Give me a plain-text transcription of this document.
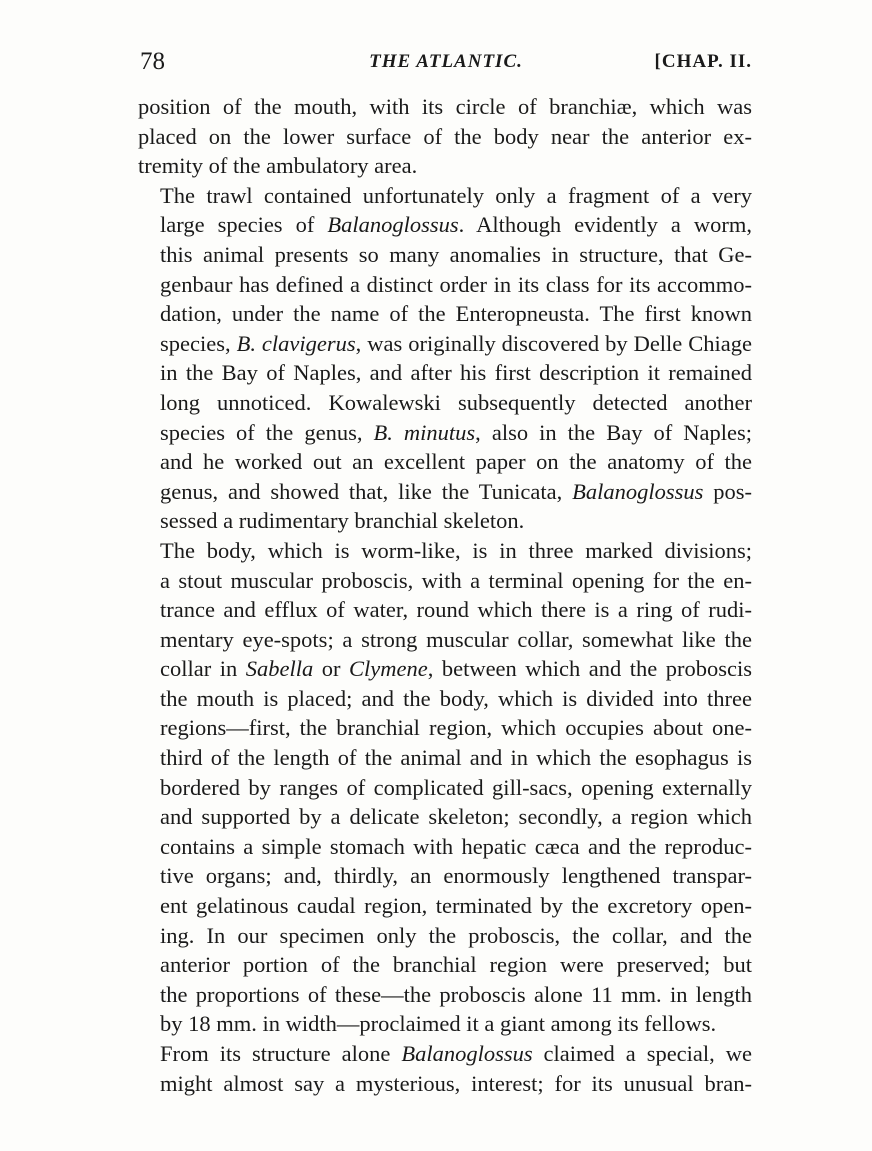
78	THE ATLANTIC.	[CHAP. II.

position of the mouth, with its circle of branchiæ, which was
placed on the lower surface of the body near the anterior ex-
tremity of the ambulatory area.

The trawl contained unfortunately only a fragment of a very
large species of Balanoglossus. Although evidently a worm,
this animal presents so many anomalies in structure, that Ge-
genbaur has defined a distinct order in its class for its accommo-
dation, under the name of the Enteropneusta. The first known
species, B. clavigerus, was originally discovered by Delle Chiage
in the Bay of Naples, and after his first description it remained
long unnoticed. Kowalewski subsequently detected another
species of the genus, B. minutus, also in the Bay of Naples;
and he worked out an excellent paper on the anatomy of the
genus, and showed that, like the Tunicata, Balanoglossus pos-
sessed a rudimentary branchial skeleton.

The body, which is worm-like, is in three marked divisions;
a stout muscular proboscis, with a terminal opening for the en-
trance and efflux of water, round which there is a ring of rudi-
mentary eye-spots; a strong muscular collar, somewhat like the
collar in Sabella or Clymene, between which and the proboscis
the mouth is placed; and the body, which is divided into three
regions—first, the branchial region, which occupies about one-
third of the length of the animal and in which the esophagus is
bordered by ranges of complicated gill-sacs, opening externally
and supported by a delicate skeleton; secondly, a region which
contains a simple stomach with hepatic cæca and the reproduc-
tive organs; and, thirdly, an enormously lengthened transpar-
ent gelatinous caudal region, terminated by the excretory open-
ing. In our specimen only the proboscis, the collar, and the
anterior portion of the branchial region were preserved; but
the proportions of these—the proboscis alone 11 mm. in length
by 18 mm. in width—proclaimed it a giant among its fellows.

From its structure alone Balanoglossus claimed a special, we
might almost say a mysterious, interest; for its unusual bran-
